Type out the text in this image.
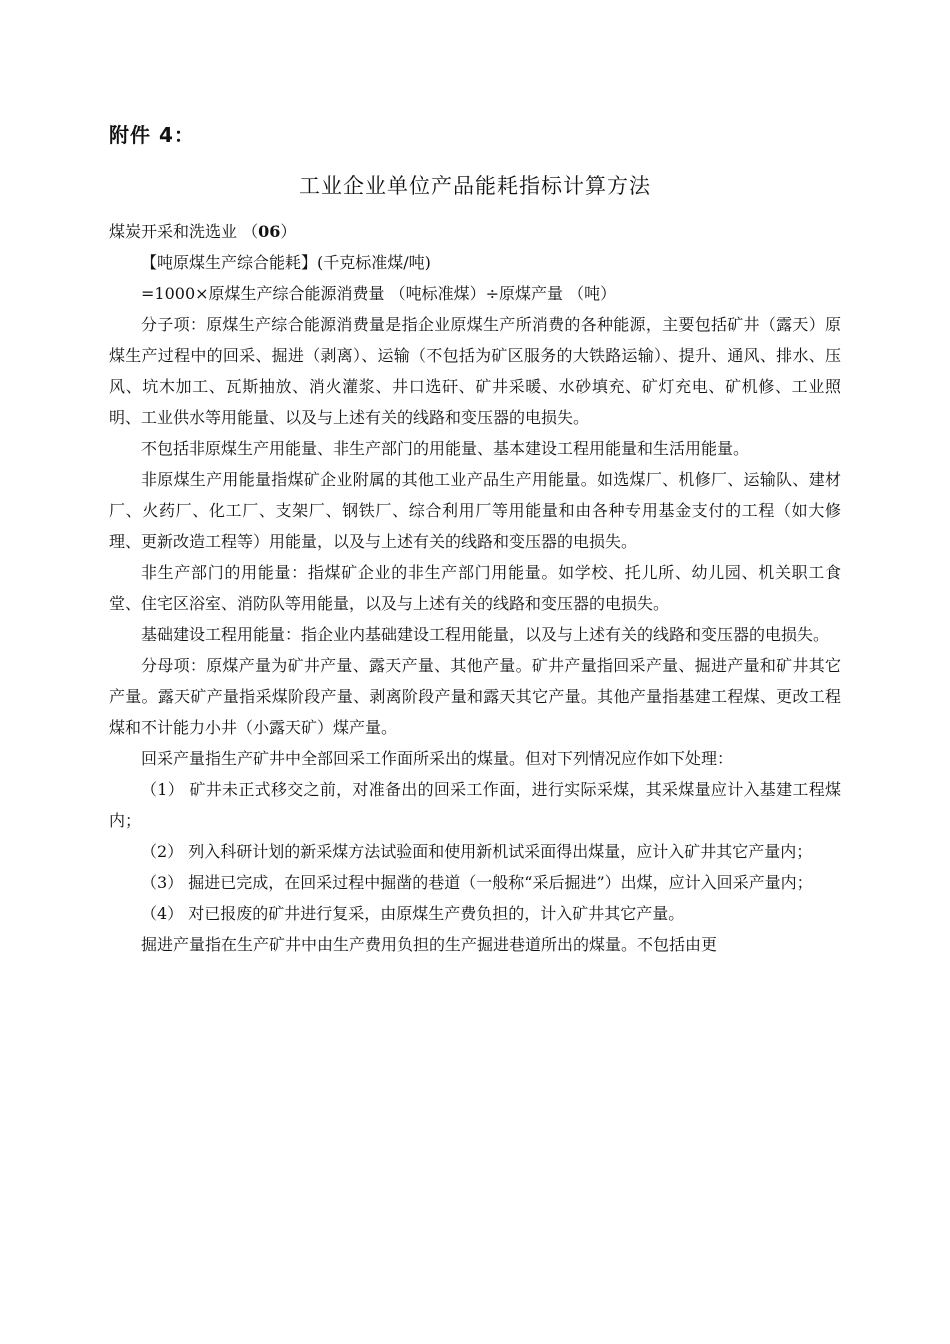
附件 4：
工业企业单位产品能耗指标计算方法

煤炭开采和洗选业 （06）

【吨原煤生产综合能耗】(千克标准煤/吨)

=1000×原煤生产综合能源消费量 （吨标准煤）÷原煤产量 （吨）

分子项：原煤生产综合能源消费量是指企业原煤生产所消费的各种能源，主要包括矿井（露天）原煤生产过程中的回采、掘进（剥离）、运输（不包括为矿区服务的大铁路运输）、提升、通风、排水、压风、坑木加工、瓦斯抽放、消火灌浆、井口选矸、矿井采暖、水砂填充、矿灯充电、矿机修、工业照明、工业供水等用能量、以及与上述有关的线路和变压器的电损失。

不包括非原煤生产用能量、非生产部门的用能量、基本建设工程用能量和生活用能量。

非原煤生产用能量指煤矿企业附属的其他工业产品生产用能量。如选煤厂、机修厂、运输队、建材厂、火药厂、化工厂、支架厂、钢铁厂、综合利用厂等用能量和由各种专用基金支付的工程（如大修理、更新改造工程等）用能量，以及与上述有关的线路和变压器的电损失。

非生产部门的用能量：指煤矿企业的非生产部门用能量。如学校、托儿所、幼儿园、机关职工食堂、住宅区浴室、消防队等用能量，以及与上述有关的线路和变压器的电损失。

基础建设工程用能量：指企业内基础建设工程用能量，以及与上述有关的线路和变压器的电损失。

分母项：原煤产量为矿井产量、露天产量、其他产量。矿井产量指回采产量、掘进产量和矿井其它产量。露天矿产量指采煤阶段产量、剥离阶段产量和露天其它产量。其他产量指基建工程煤、更改工程煤和不计能力小井（小露天矿）煤产量。

回采产量指生产矿井中全部回采工作面所采出的煤量。但对下列情况应作如下处理：

（1） 矿井未正式移交之前，对准备出的回采工作面，进行实际采煤，其采煤量应计入基建工程煤内；

（2） 列入科研计划的新采煤方法试验面和使用新机试采面得出煤量，应计入矿井其它产量内；

（3） 掘进已完成，在回采过程中掘凿的巷道（一般称“采后掘进”）出煤，应计入回采产量内；

（4） 对已报废的矿井进行复采，由原煤生产费负担的，计入矿井其它产量。

掘进产量指在生产矿井中由生产费用负担的生产掘进巷道所出的煤量。不包括由更
